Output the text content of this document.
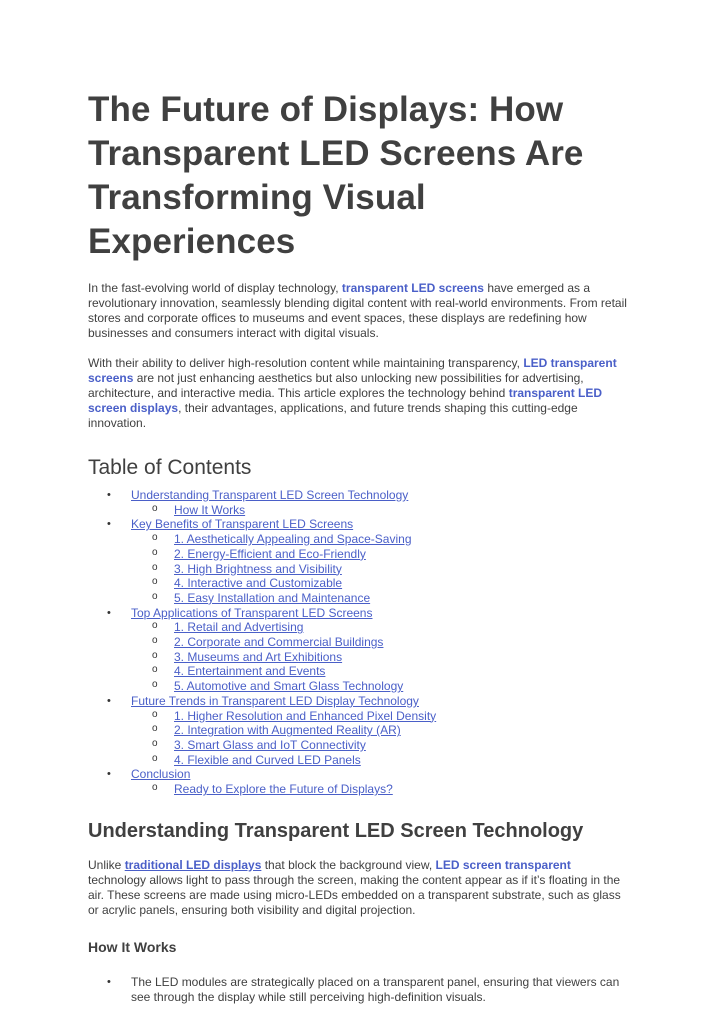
The Future of Displays: How Transparent LED Screens Are Transforming Visual Experiences

In the fast-evolving world of display technology, transparent LED screens have emerged as a revolutionary innovation, seamlessly blending digital content with real-world environments. From retail stores and corporate offices to museums and event spaces, these displays are redefining how businesses and consumers interact with digital visuals.

With their ability to deliver high-resolution content while maintaining transparency, LED transparent screens are not just enhancing aesthetics but also unlocking new possibilities for advertising, architecture, and interactive media. This article explores the technology behind transparent LED screen displays, their advantages, applications, and future trends shaping this cutting-edge innovation.

Table of Contents
• Understanding Transparent LED Screen Technology
o How It Works
• Key Benefits of Transparent LED Screens
o 1. Aesthetically Appealing and Space-Saving
o 2. Energy-Efficient and Eco-Friendly
o 3. High Brightness and Visibility
o 4. Interactive and Customizable
o 5. Easy Installation and Maintenance
• Top Applications of Transparent LED Screens
o 1. Retail and Advertising
o 2. Corporate and Commercial Buildings
o 3. Museums and Art Exhibitions
o 4. Entertainment and Events
o 5. Automotive and Smart Glass Technology
• Future Trends in Transparent LED Display Technology
o 1. Higher Resolution and Enhanced Pixel Density
o 2. Integration with Augmented Reality (AR)
o 3. Smart Glass and IoT Connectivity
o 4. Flexible and Curved LED Panels
• Conclusion
o Ready to Explore the Future of Displays?
Understanding Transparent LED Screen Technology

Unlike traditional LED displays that block the background view, LED screen transparent technology allows light to pass through the screen, making the content appear as if it’s floating in the air. These screens are made using micro-LEDs embedded on a transparent substrate, such as glass or acrylic panels, ensuring both visibility and digital projection.

How It Works
• The LED modules are strategically placed on a transparent panel, ensuring that viewers can see through the display while still perceiving high-definition visuals.
